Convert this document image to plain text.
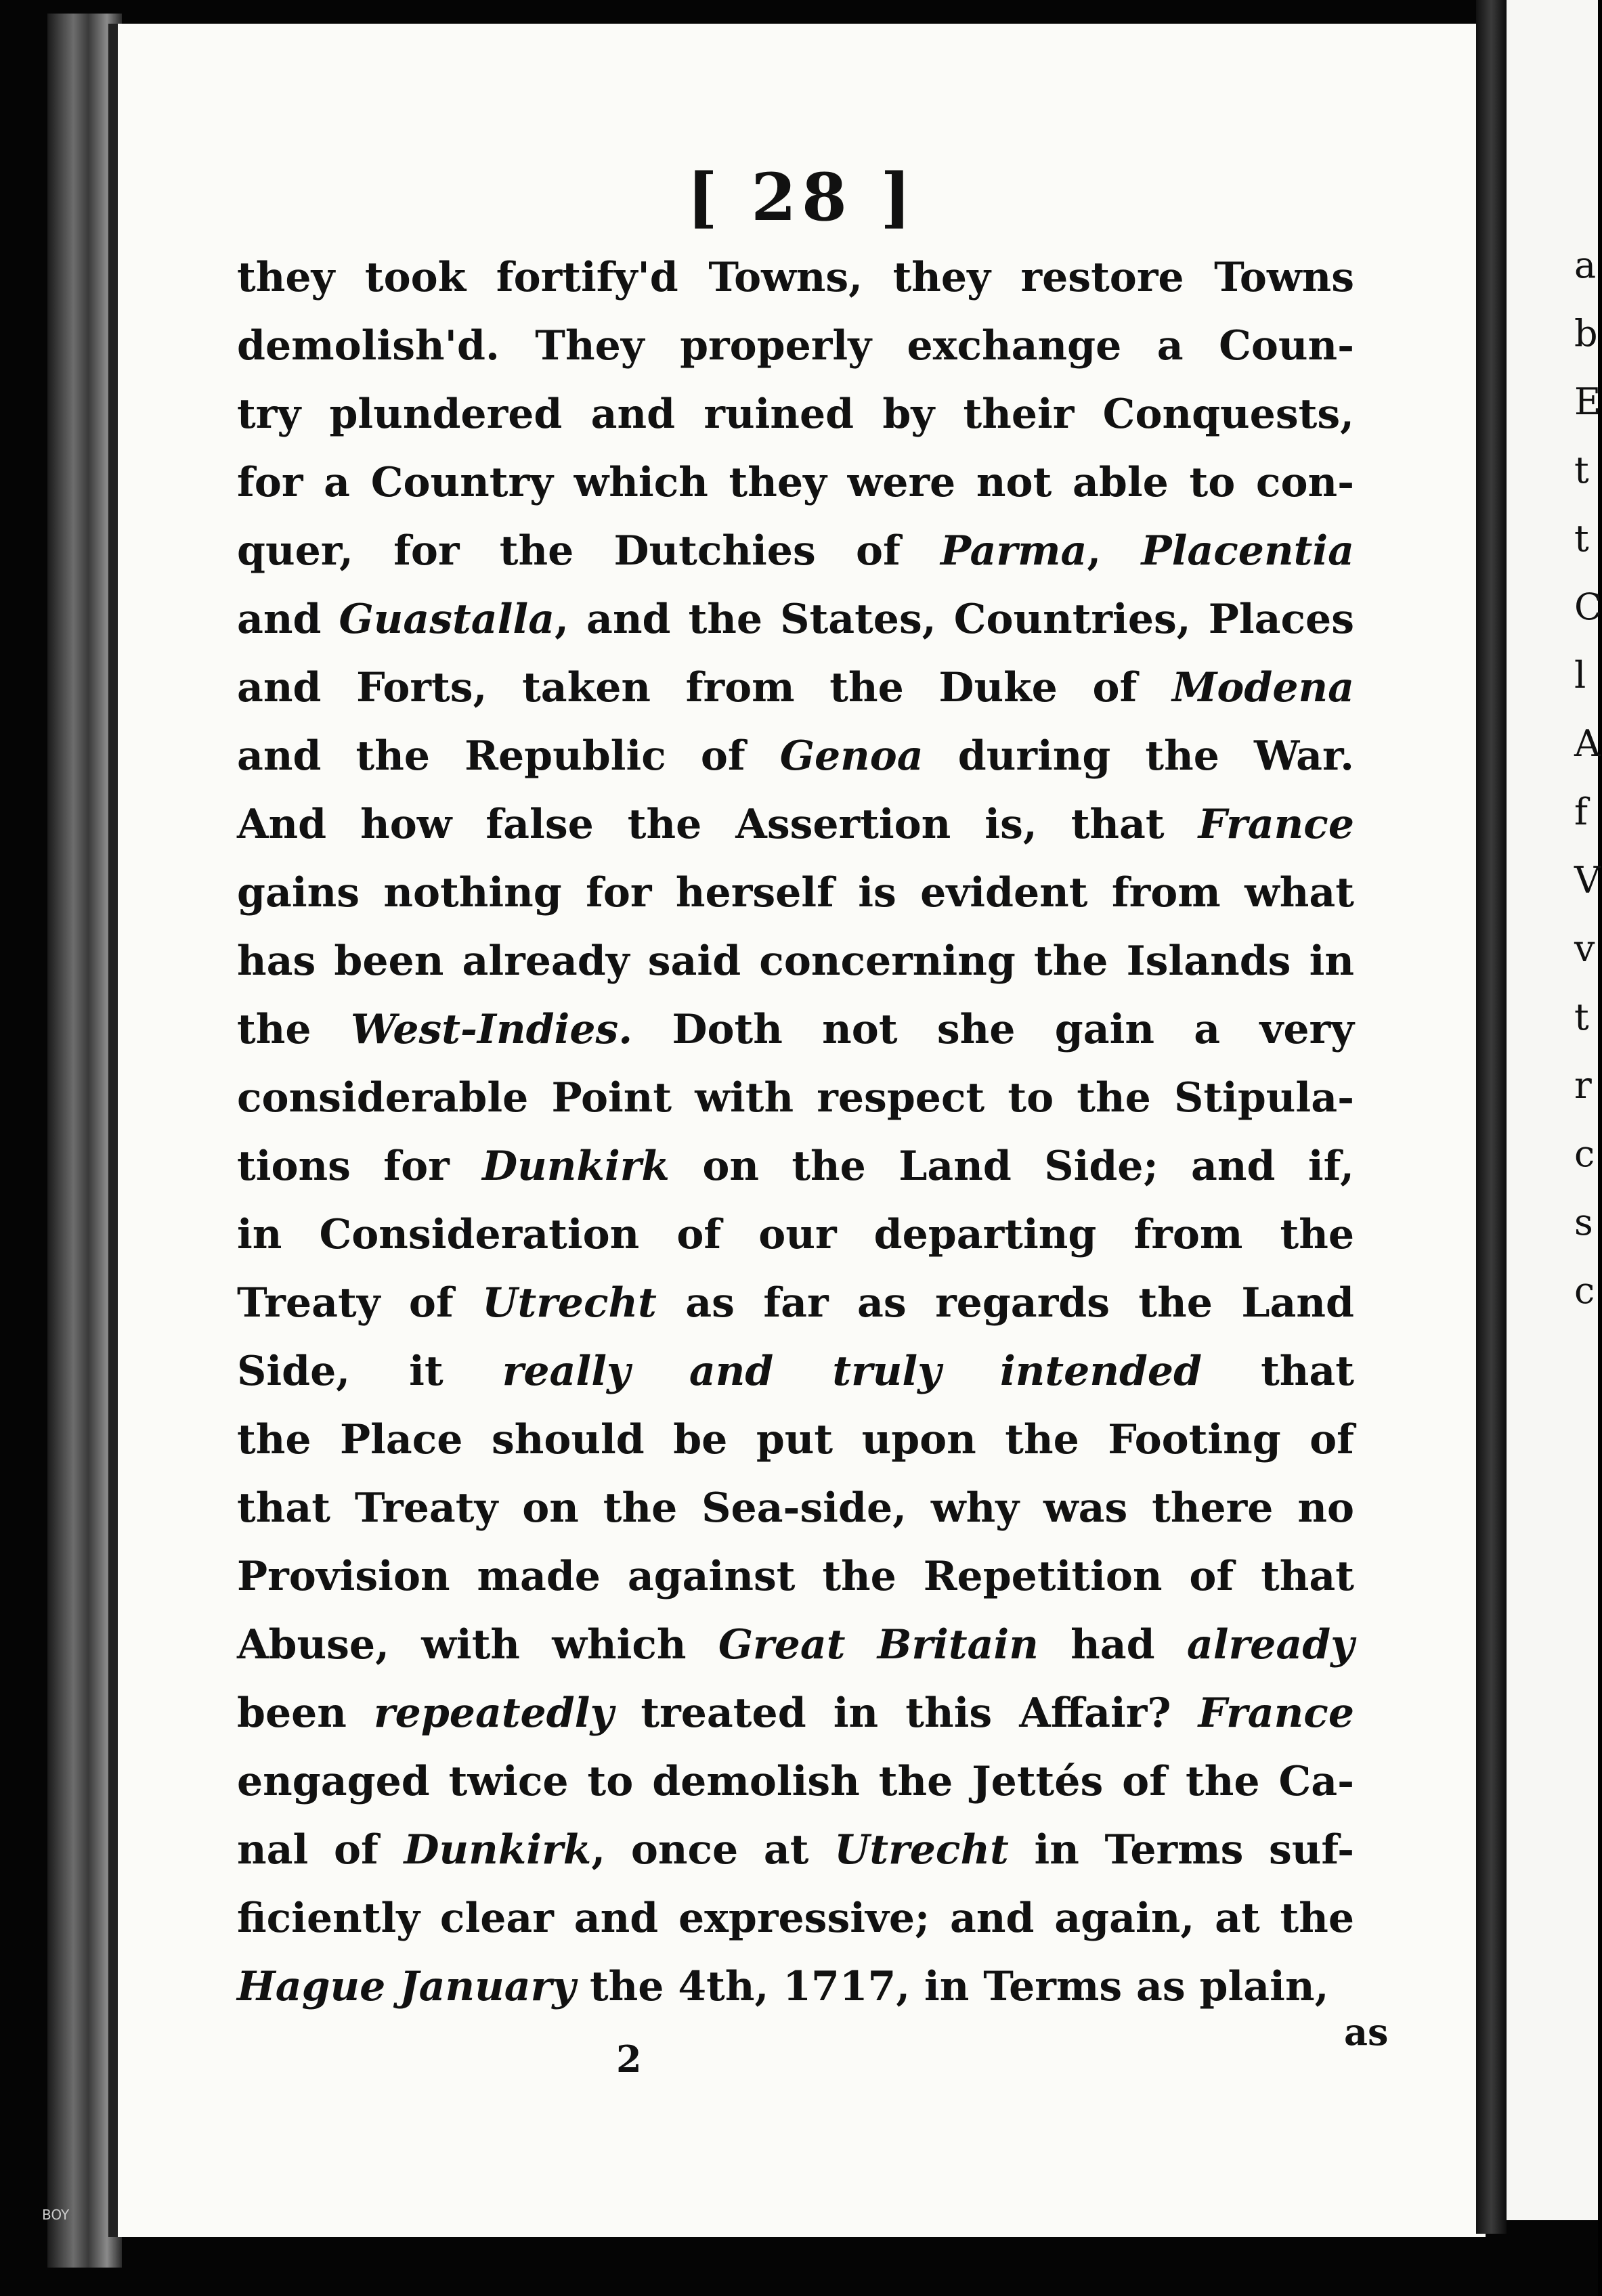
BOY
[ 28 ]
they took fortify'd Towns, they restore Towns
demolish'd. They properly exchange a Coun-
try plundered and ruined by their Conquests,
for a Country which they were not able to con-
quer, for the Dutchies of Parma, Placentia
and Guastalla, and the States, Countries, Places
and Forts, taken from the Duke of Modena
and the Republic of Genoa during the War.
And how false the Assertion is, that France
gains nothing for herself is evident from what
has been already said concerning the Islands in
the West-Indies. Doth not she gain a very
considerable Point with respect to the Stipula-
tions for Dunkirk on the Land Side; and if,
in Consideration of our departing from the
Treaty of Utrecht as far as regards the Land
Side, it really and truly intended that
the Place should be put upon the Footing of
that Treaty on the Sea-side, why was there no
Provision made against the Repetition of that
Abuse, with which Great Britain had already
been repeatedly treated in this Affair? France
engaged twice to demolish the Jettés of the Ca-
nal of Dunkirk, once at Utrecht in Terms suf-
ficiently clear and expressive; and again, at the
Hague January the 4th, 1717, in Terms as plain,
2
as
a
b
E
t
t
C
l
A
f
V
v
t
r
c
s
c
